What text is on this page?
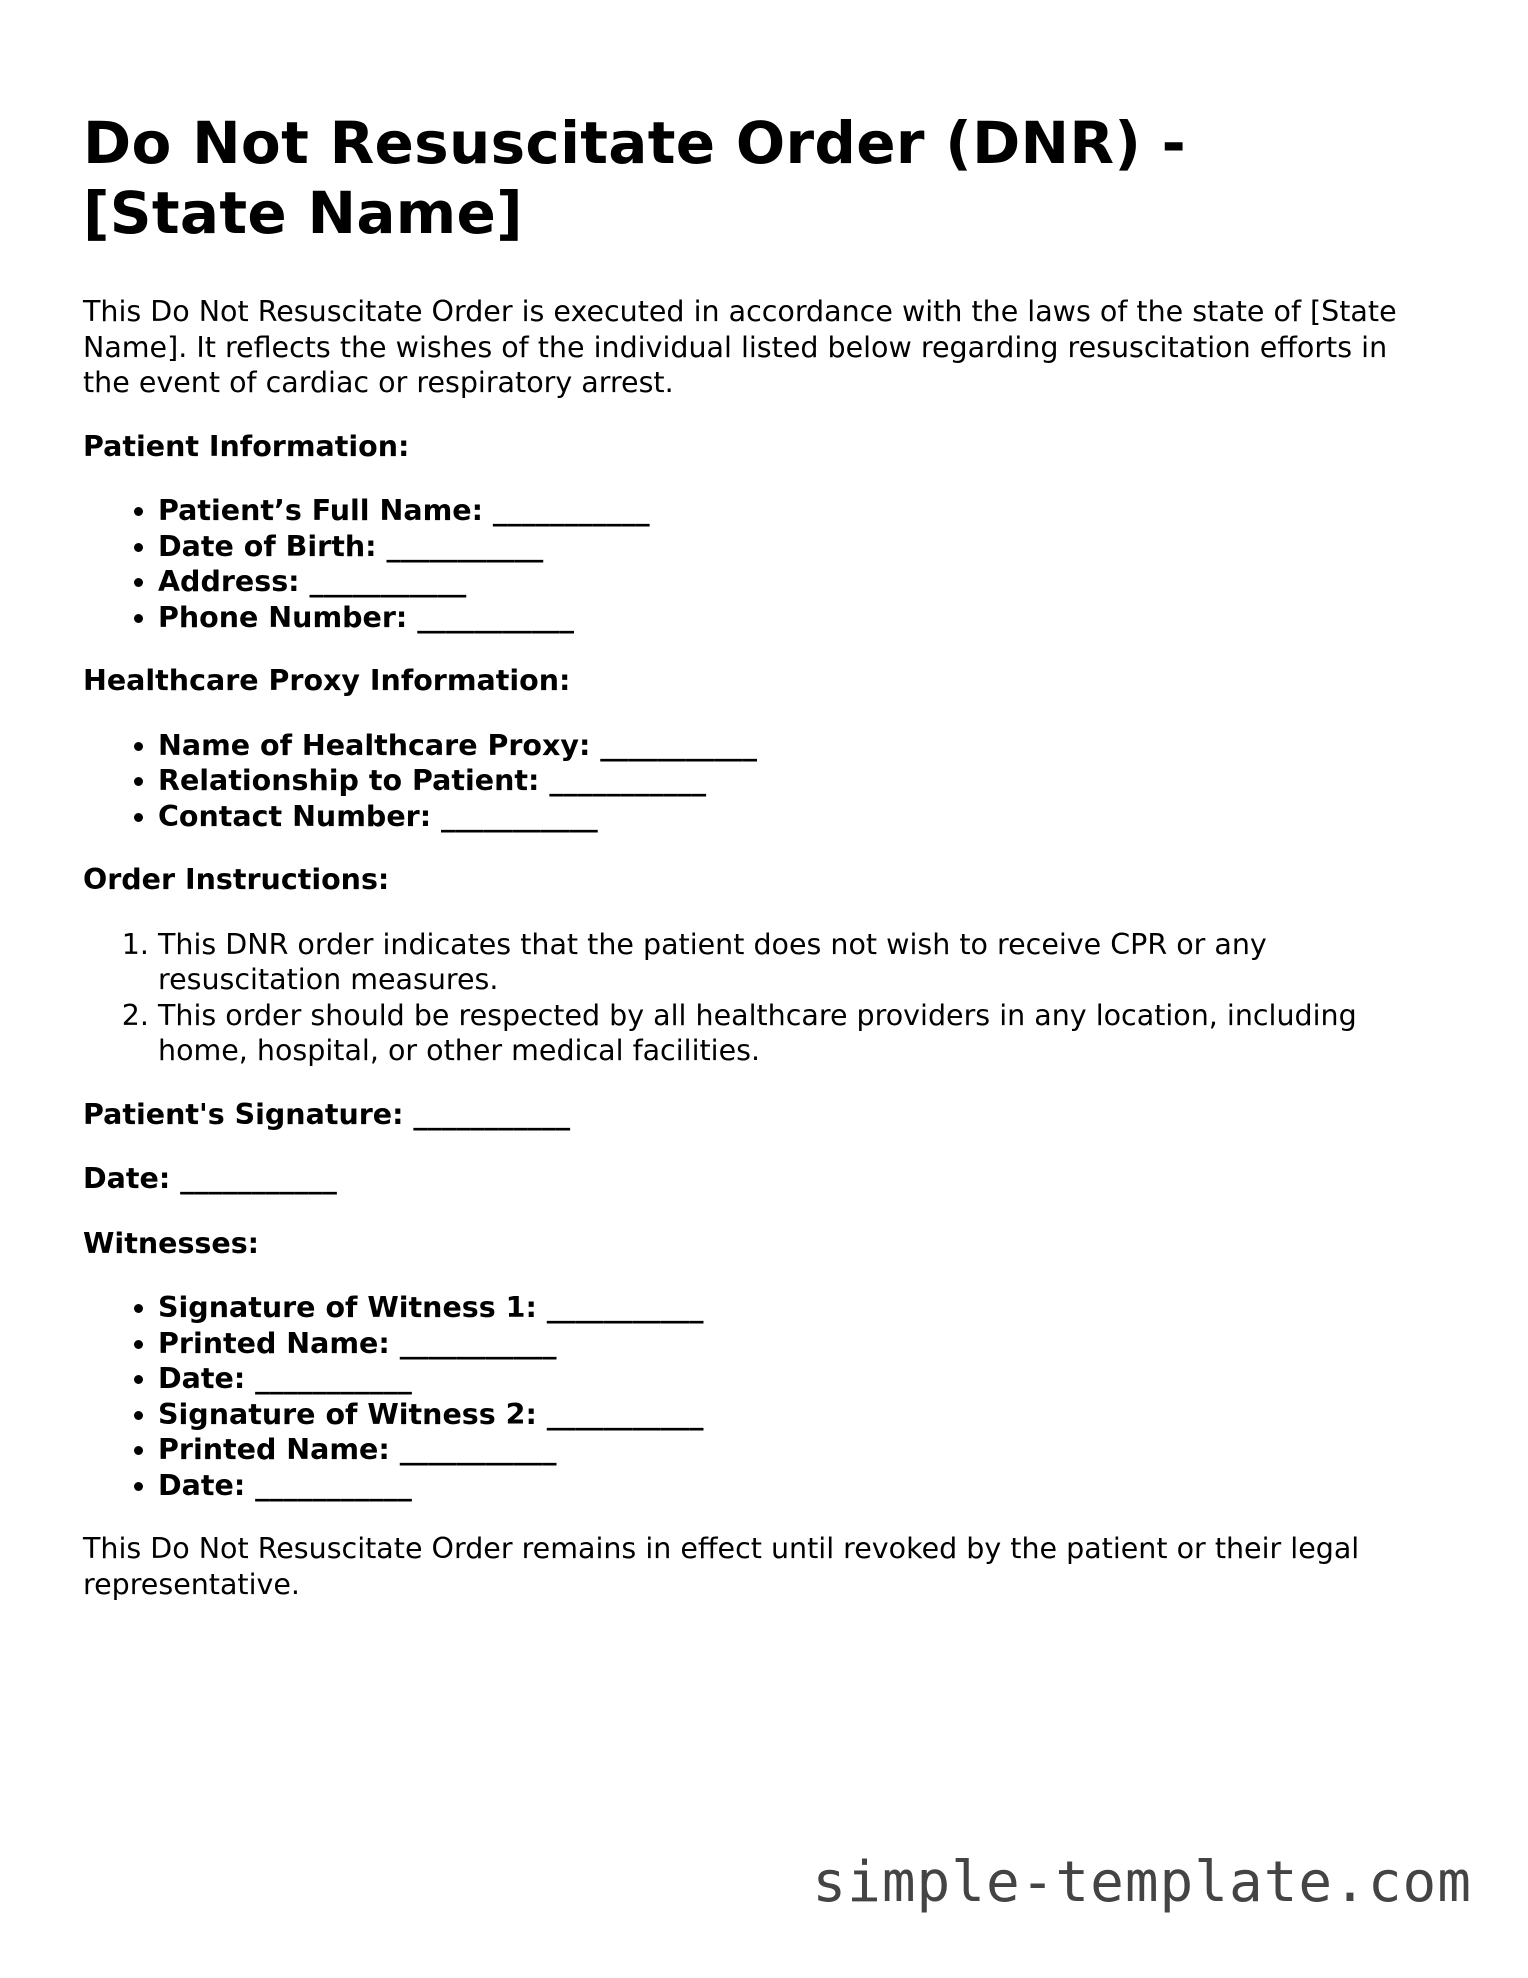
Do Not Resuscitate Order (DNR) -
[State Name]

This Do Not Resuscitate Order is executed in accordance with the laws of the state of [State Name]. It reflects the wishes of the individual listed below regarding resuscitation efforts in the event of cardiac or respiratory arrest.

Patient Information:

• Patient’s Full Name: ___________
• Date of Birth: ___________
• Address: ___________
• Phone Number: ___________

Healthcare Proxy Information:

• Name of Healthcare Proxy: ___________
• Relationship to Patient: ___________
• Contact Number: ___________

Order Instructions:

1. This DNR order indicates that the patient does not wish to receive CPR or any resuscitation measures.
2. This order should be respected by all healthcare providers in any location, including home, hospital, or other medical facilities.

Patient's Signature: ___________

Date: ___________

Witnesses:

• Signature of Witness 1: ___________
• Printed Name: ___________
• Date: ___________
• Signature of Witness 2: ___________
• Printed Name: ___________
• Date: ___________

This Do Not Resuscitate Order remains in effect until revoked by the patient or their legal representative.

simple-template.com
